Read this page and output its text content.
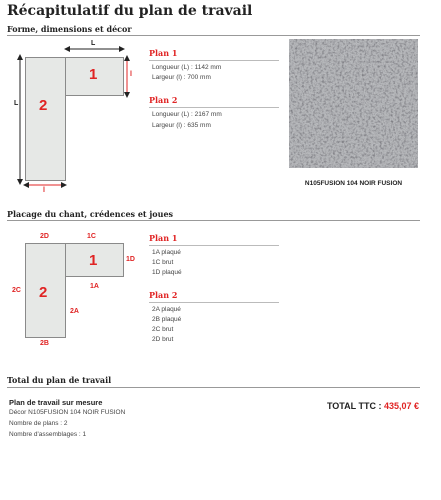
Récapitulatif du plan de travail
Forme, dimensions et décor
1
2
L
L
l
l
Plan 1
Longueur (L) : 1142 mm
Largeur (l) : 700 mm
Plan 2
Longueur (L) : 2167 mm
Largeur (l) : 635 mm
N105FUSION 104 NOIR FUSION
Placage du chant, crédences et joues
1
2
2D	1C
1D
1A
2C
2A
2B
Plan 1
1A plaqué
1C brut
1D plaqué
Plan 2
2A plaqué
2B plaqué
2C brut
2D brut
Total du plan de travail
Plan de travail sur mesure
Décor N105FUSION 104 NOIR FUSION
Nombre de plans : 2
Nombre d'assemblages : 1
TOTAL TTC : 435,07 €
